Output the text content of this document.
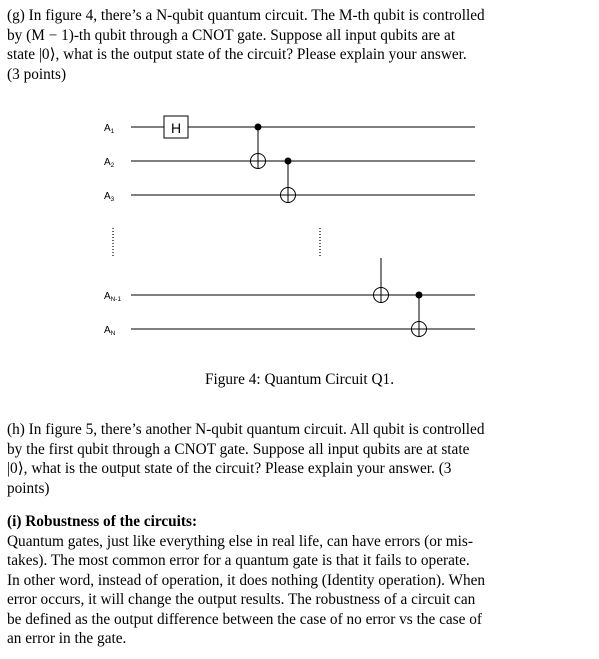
(g) In figure 4, there’s a N-qubit quantum circuit. The M-th qubit is controlled
by (M − 1)-th qubit through a CNOT gate. Suppose all input qubits are at
state |0⟩, what is the output state of the circuit? Please explain your answer.
(3 points)
H
$A_1$
$A_2$
$A_3$
$A_{N-1}$
$A_N$
Figure 4: Quantum Circuit Q1.
(h) In figure 5, there’s another N-qubit quantum circuit. All qubit is controlled
by the first qubit through a CNOT gate. Suppose all input qubits are at state
|0⟩, what is the output state of the circuit? Please explain your answer. (3
points)
(i) Robustness of the circuits:
Quantum gates, just like everything else in real life, can have errors (or mis-
takes). The most common error for a quantum gate is that it fails to operate.
In other word, instead of operation, it does nothing (Identity operation). When
error occurs, it will change the output results. The robustness of a circuit can
be defined as the output difference between the case of no error vs the case of
an error in the gate.
